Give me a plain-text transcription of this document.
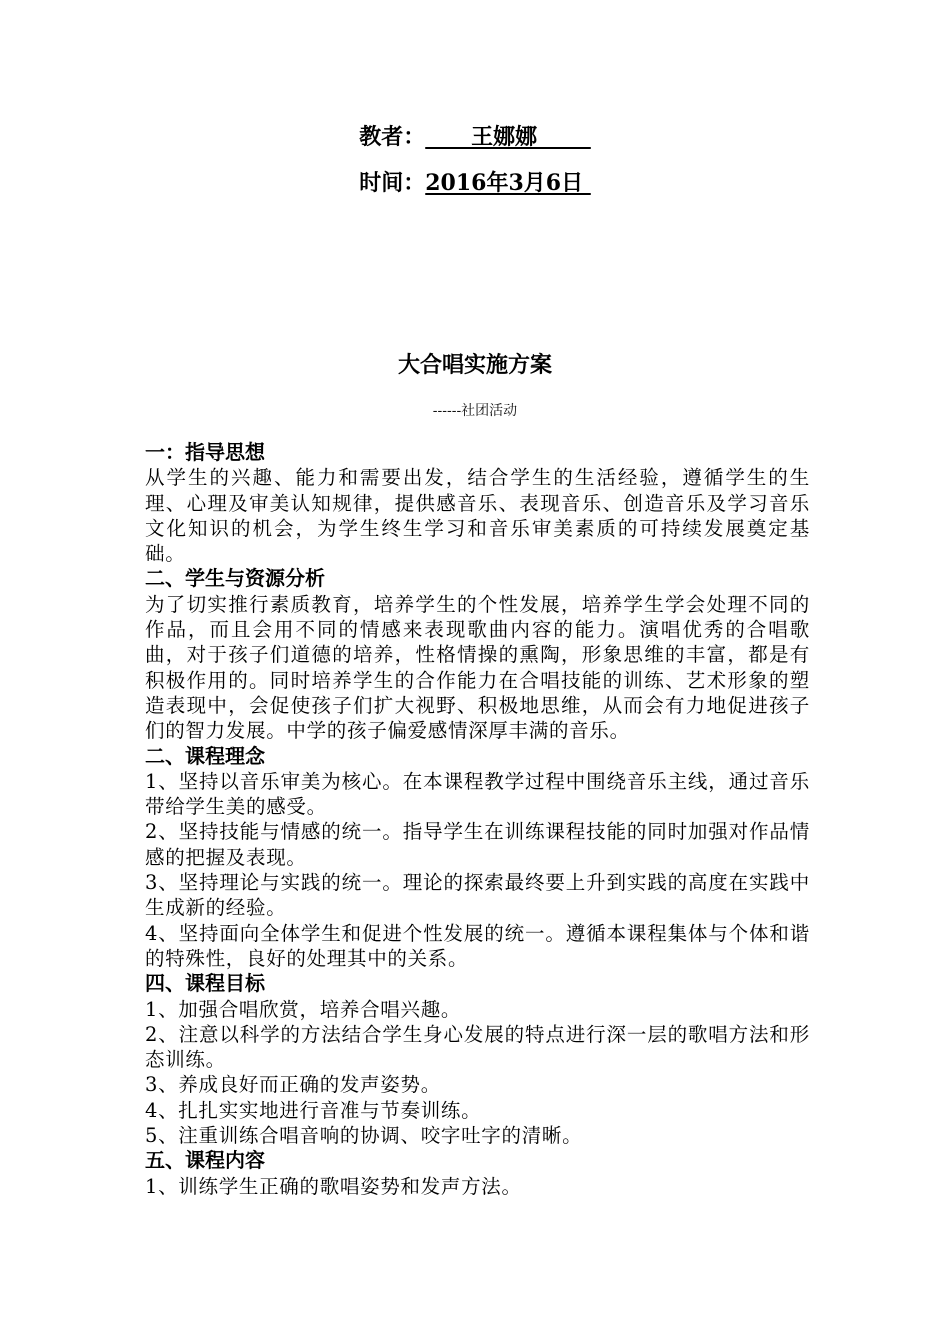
教者：      王娜娜
时间：2016年3月6日
大合唱实施方案
------社团活动
一：指导思想
从学生的兴趣、能力和需要出发，结合学生的生活经验，遵循学生的生理、心理及审美认知规律，提供感音乐、表现音乐、创造音乐及学习音乐文化知识的机会，为学生终生学习和音乐审美素质的可持续发展奠定基础。
二、学生与资源分析
为了切实推行素质教育，培养学生的个性发展，培养学生学会处理不同的作品，而且会用不同的情感来表现歌曲内容的能力。演唱优秀的合唱歌曲，对于孩子们道德的培养，性格情操的熏陶，形象思维的丰富，都是有积极作用的。同时培养学生的合作能力在合唱技能的训练、艺术形象的塑造表现中，会促使孩子们扩大视野、积极地思维，从而会有力地促进孩子们的智力发展。中学的孩子偏爱感情深厚丰满的音乐。
二、课程理念
1、坚持以音乐审美为核心。在本课程教学过程中围绕音乐主线，通过音乐带给学生美的感受。
2、坚持技能与情感的统一。指导学生在训练课程技能的同时加强对作品情感的把握及表现。
3、坚持理论与实践的统一。理论的探索最终要上升到实践的高度在实践中生成新的经验。
4、坚持面向全体学生和促进个性发展的统一。遵循本课程集体与个体和谐的特殊性，良好的处理其中的关系。
四、课程目标
1、加强合唱欣赏，培养合唱兴趣。
2、注意以科学的方法结合学生身心发展的特点进行深一层的歌唱方法和形态训练。
3、养成良好而正确的发声姿势。
4、扎扎实实地进行音准与节奏训练。
5、注重训练合唱音响的协调、咬字吐字的清晰。
五、课程内容
1、训练学生正确的歌唱姿势和发声方法。
